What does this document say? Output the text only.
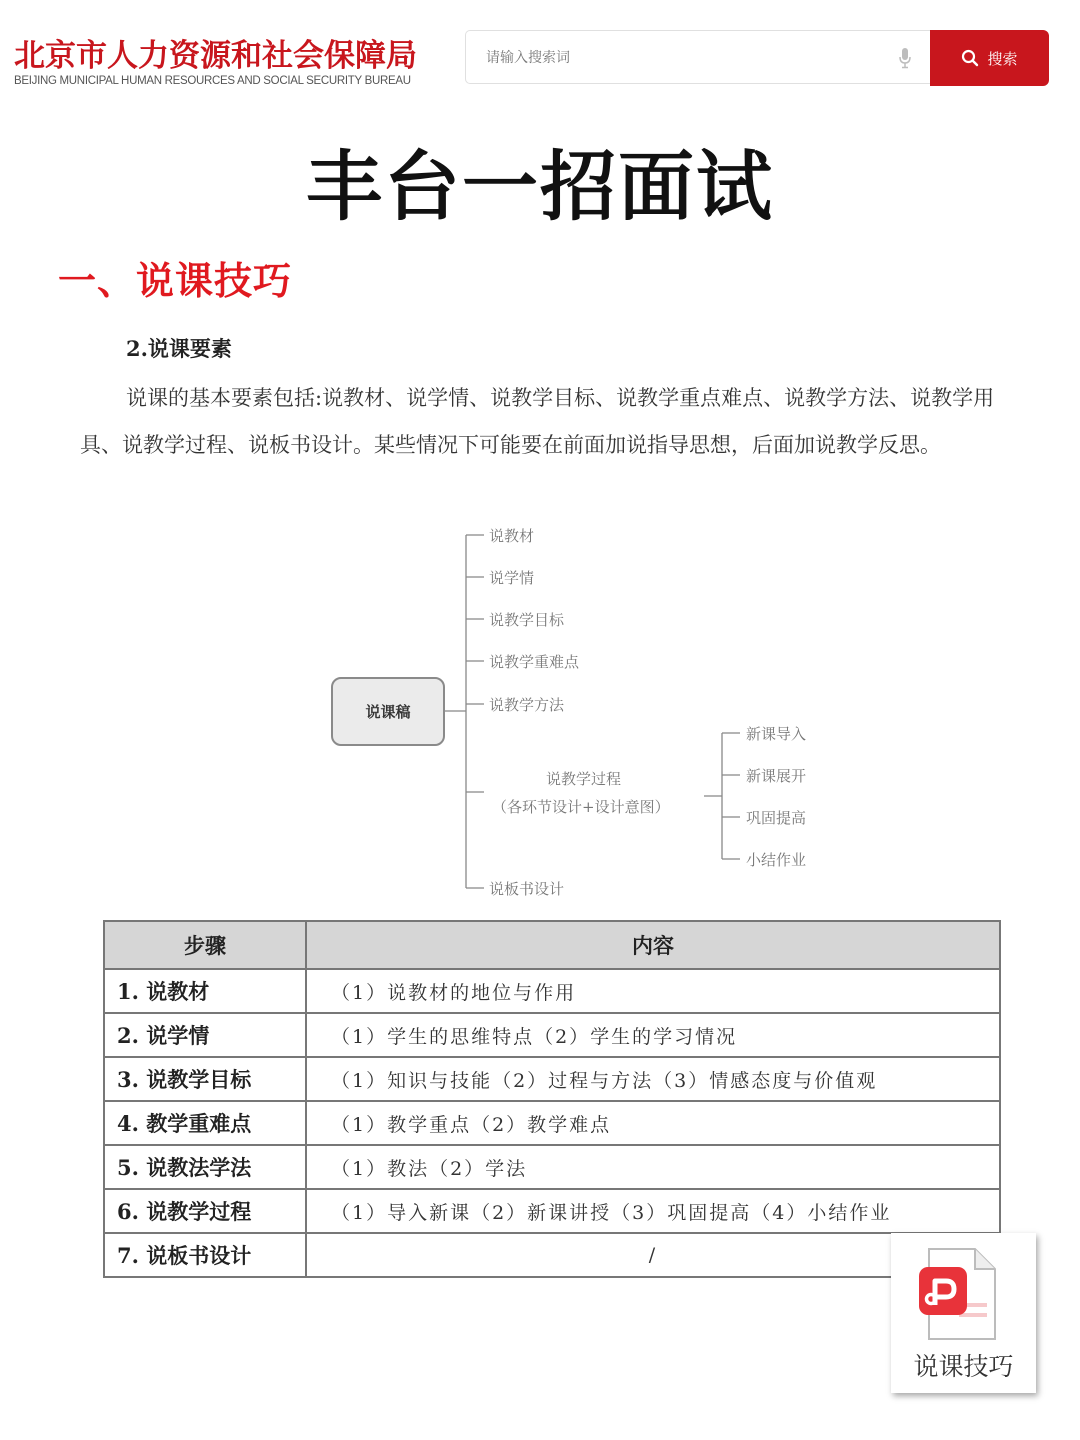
北京市人力资源和社会保障局
BEIJING MUNICIPAL HUMAN RESOURCES AND SOCIAL SECURITY BUREAU
请输入搜索词
搜索
丰台一招面试
一、说课技巧
2.说课要素

说课的基本要素包括:说教材、说学情、说教学目标、说教学重点难点、说教学方法、说教学用具、说教学过程、说板书设计。某些情况下可能要在前面加说指导思想，后面加说教学反思。

说课稿
说教材
说学情
说教学目标
说教学重难点
说教学方法
说教学过程
（各环节设计+设计意图）
新课导入
新课展开
巩固提高
小结作业
说板书设计
步骤	内容
1. 说教材	（1）说教材的地位与作用
2. 说学情	（1）学生的思维特点（2）学生的学习情况
3. 说教学目标	（1）知识与技能（2）过程与方法（3）情感态度与价值观
4. 教学重难点	（1）教学重点（2）教学难点
5. 说教法学法	（1）教法（2）学法
6. 说教学过程	（1）导入新课（2）新课讲授（3）巩固提高（4）小结作业
7. 说板书设计	/
说课技巧
